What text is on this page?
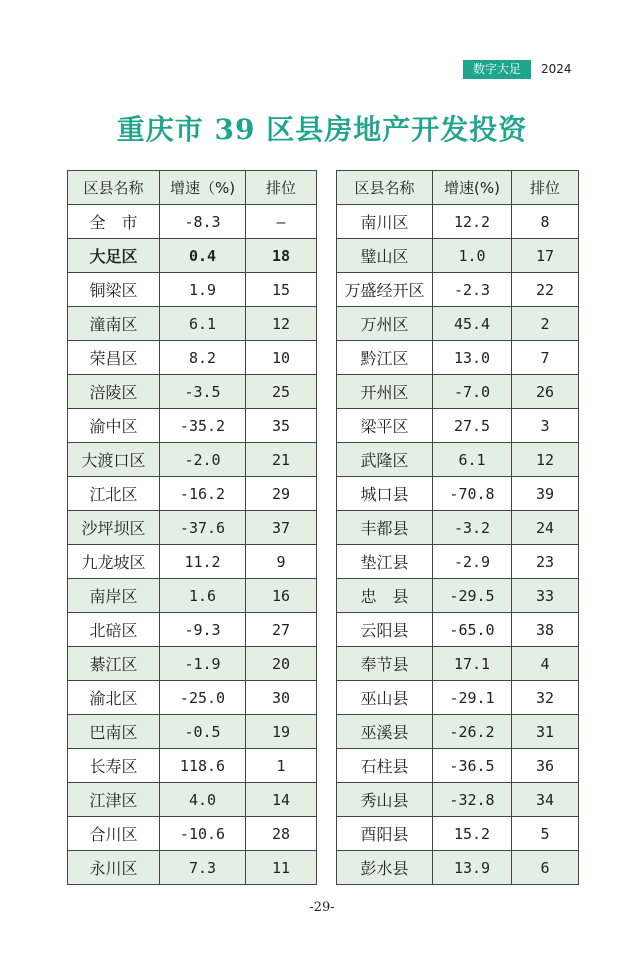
数字大足	2024
重庆市 39 区县房地产开发投资
区县名称	增速（%)	排位
全　市	-8.3	—
大足区	0.4	18
铜梁区	1.9	15
潼南区	6.1	12
荣昌区	8.2	10
涪陵区	-3.5	25
渝中区	-35.2	35
大渡口区	-2.0	21
江北区	-16.2	29
沙坪坝区	-37.6	37
九龙坡区	11.2	9
南岸区	1.6	16
北碚区	-9.3	27
綦江区	-1.9	20
渝北区	-25.0	30
巴南区	-0.5	19
长寿区	118.6	1
江津区	4.0	14
合川区	-10.6	28
永川区	7.3	11
区县名称	增速(%)	排位
南川区	12.2	8
璧山区	1.0	17
万盛经开区	-2.3	22
万州区	45.4	2
黔江区	13.0	7
开州区	-7.0	26
梁平区	27.5	3
武隆区	6.1	12
城口县	-70.8	39
丰都县	-3.2	24
垫江县	-2.9	23
忠　县	-29.5	33
云阳县	-65.0	38
奉节县	17.1	4
巫山县	-29.1	32
巫溪县	-26.2	31
石柱县	-36.5	36
秀山县	-32.8	34
酉阳县	15.2	5
彭水县	13.9	6
-29-
